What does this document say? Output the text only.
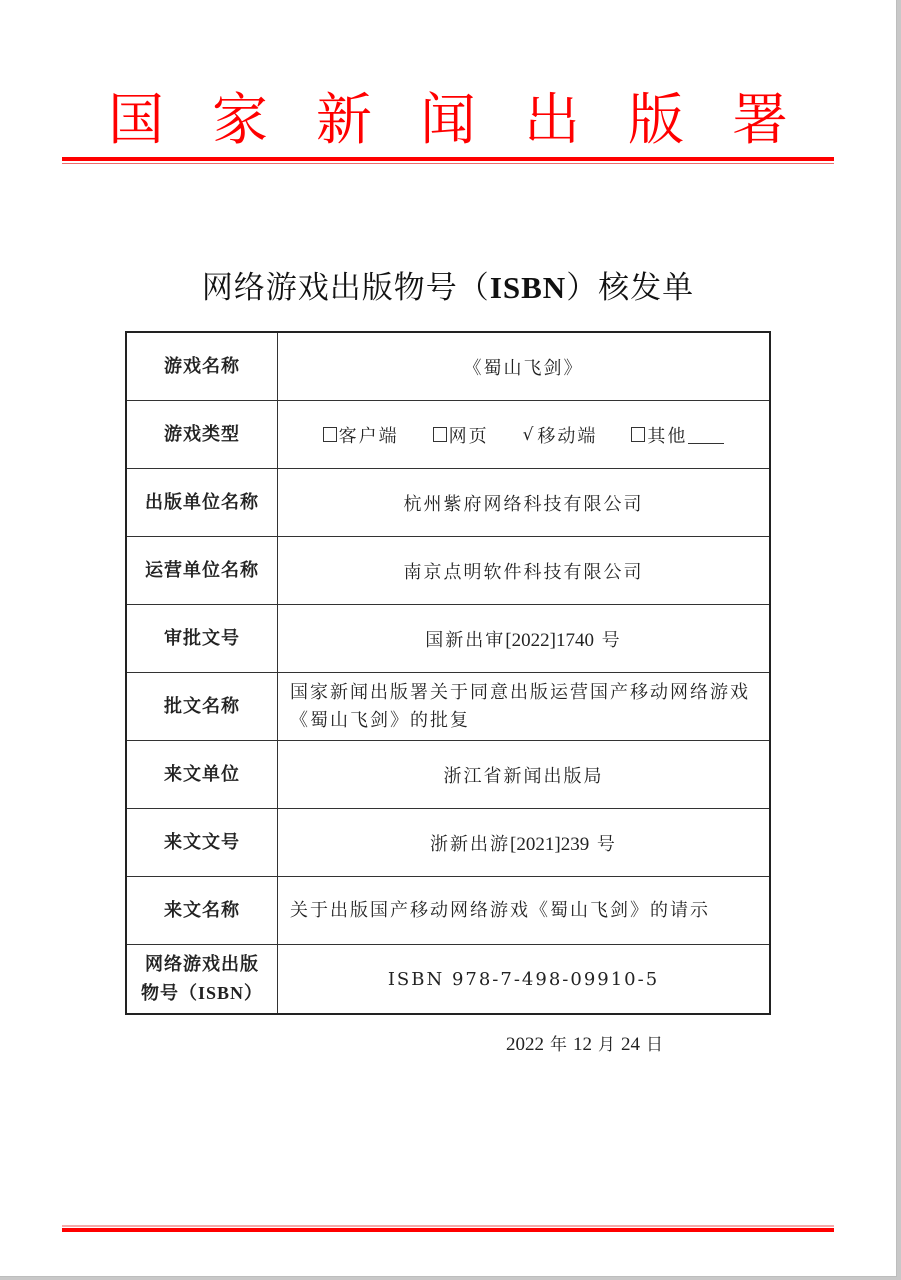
国 家 新 闻 出 版 署
网络游戏出版物号（ISBN）核发单
游戏名称	《蜀山飞剑》
游戏类型	客户端 网页 √ 移动端 其他

出版单位名称	杭州紫府网络科技有限公司
运营单位名称	南京点明软件科技有限公司
审批文号	国新出审[2022]1740 号
批文名称	国家新闻出版署关于同意出版运营国产移动网络游戏《蜀山飞剑》的批复
来文单位	浙江省新闻出版局
来文文号	浙新出游[2021]239 号
来文名称	关于出版国产移动网络游戏《蜀山飞剑》的请示

网络游戏出版
物号（ISBN）	ISBN 978-7-498-09910-5
2022 年 12 月 24 日
